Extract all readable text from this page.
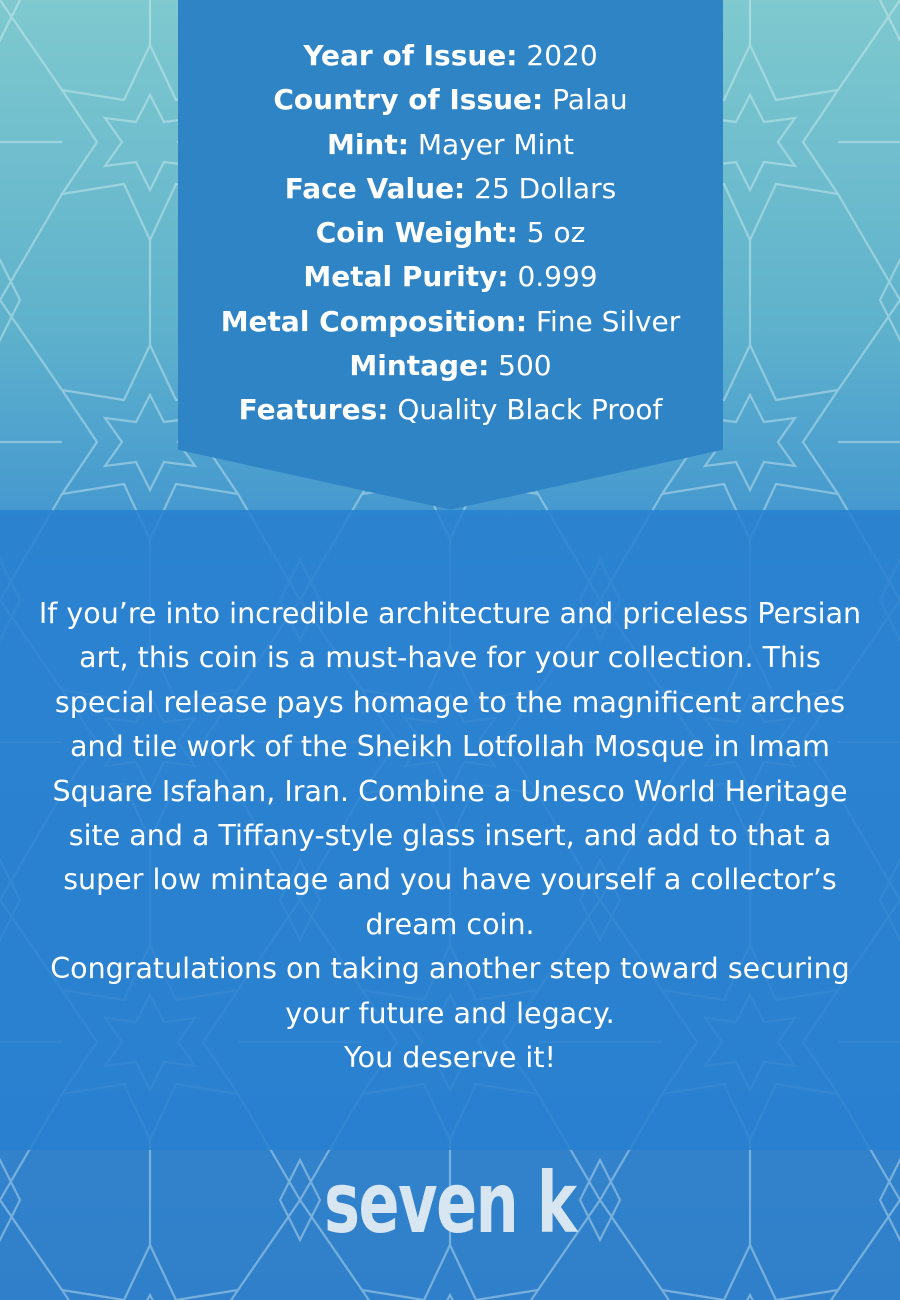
Year of Issue: 2020
Country of Issue: Palau
Mint: Mayer Mint
Face Value: 25 Dollars
Coin Weight: 5 oz
Metal Purity: 0.999
Metal Composition: Fine Silver
Mintage: 500
Features: Quality Black Proof

If you’re into incredible architecture and priceless Persian art, this coin is a must-have for your collection. This special release pays homage to the magnificent arches and tile work of the Sheikh Lotfollah Mosque in Imam Square Isfahan, Iran. Combine a Unesco World Heritage site and a Tiffany-style glass insert, and add to that a super low mintage and you have yourself a collector’s dream coin.

Congratulations on taking another step toward securing your future and legacy.

You deserve it!

seven k
